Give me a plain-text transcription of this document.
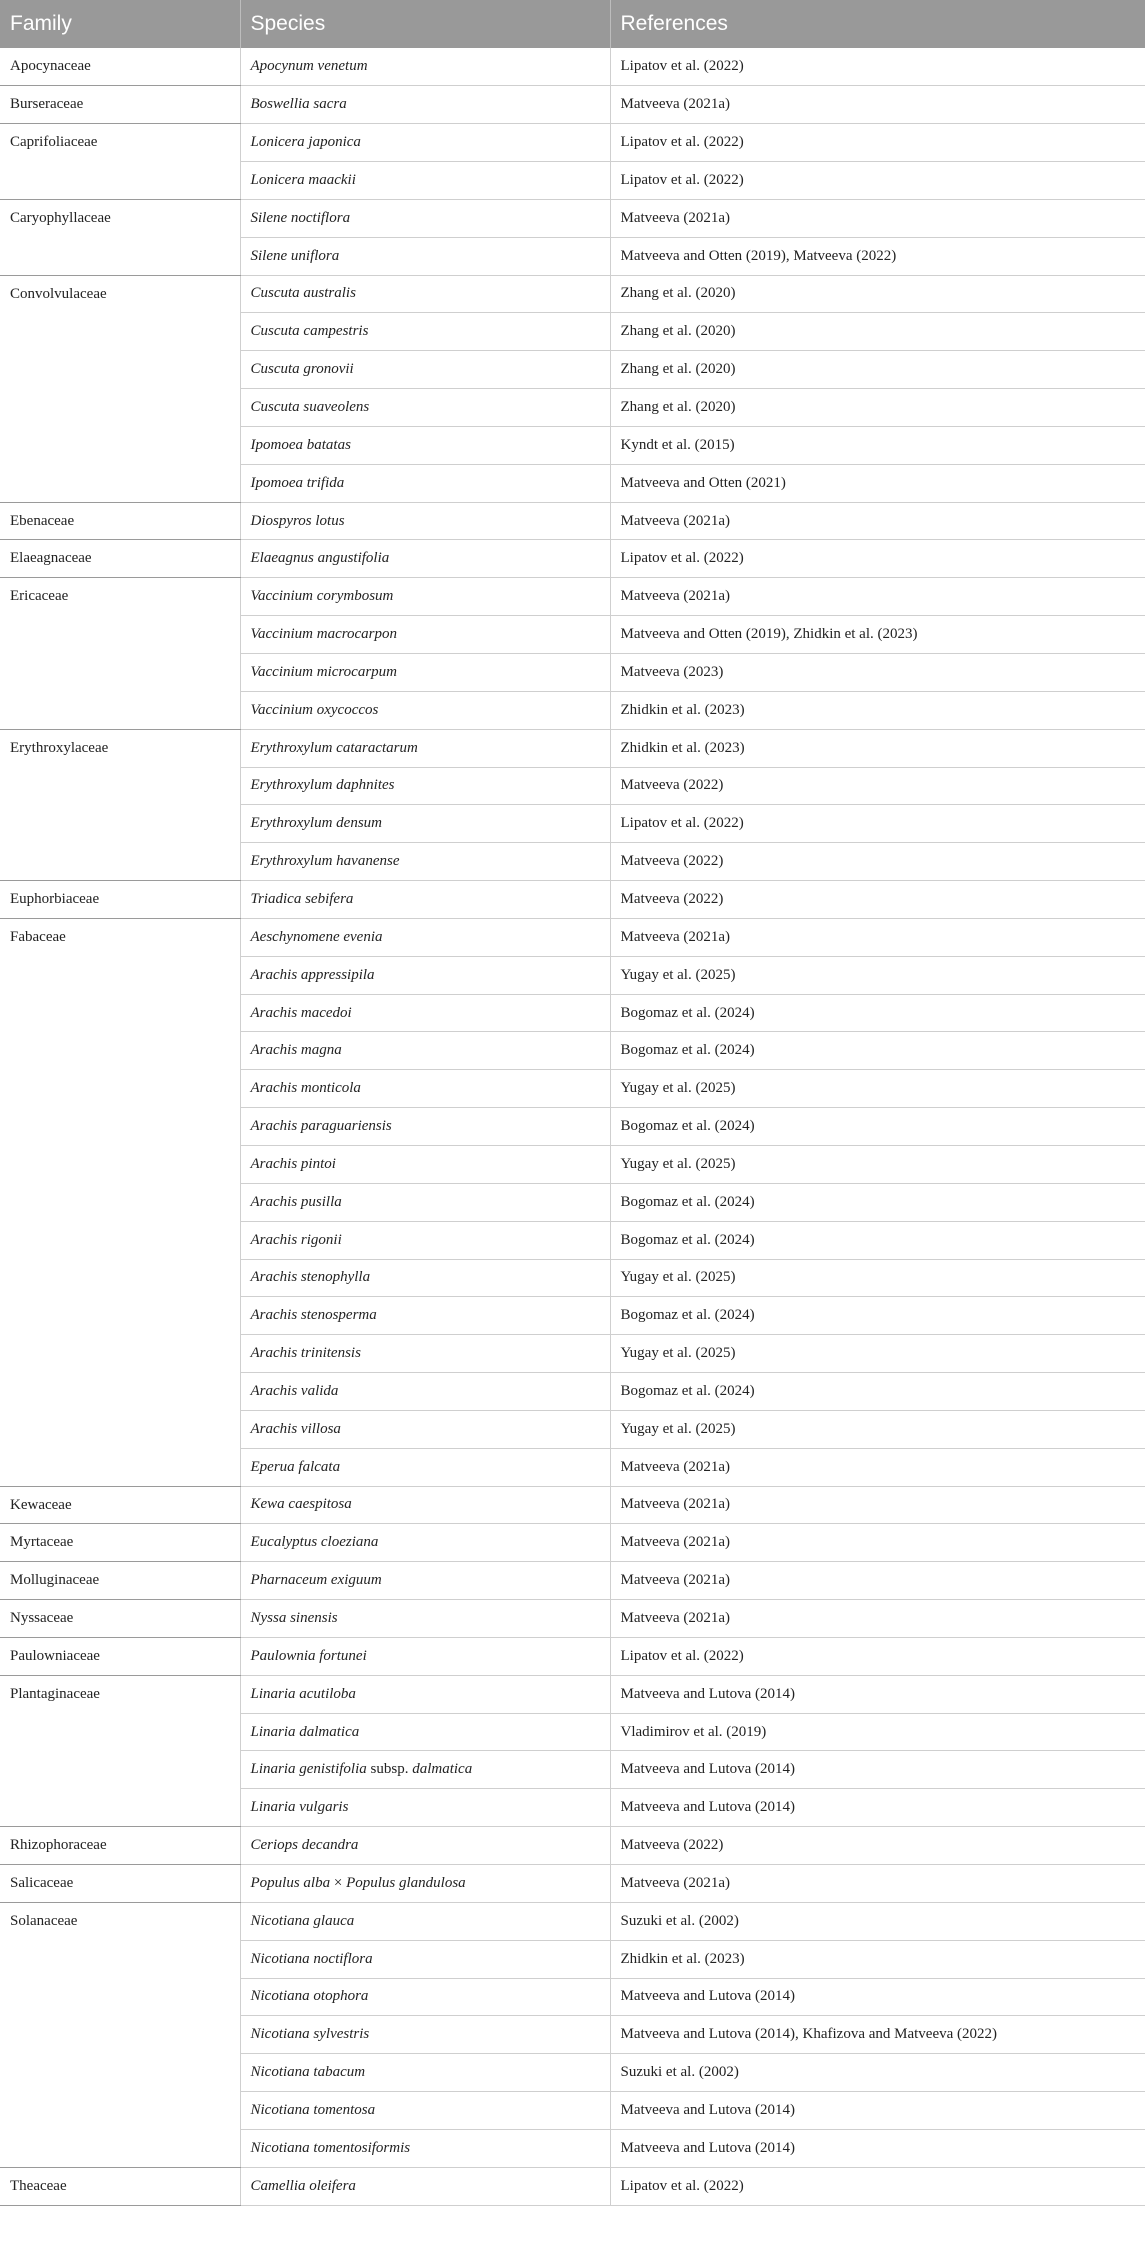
Family	Species	References
Apocynaceae	Apocynum venetum	Lipatov et al. (2022)
Burseraceae	Boswellia sacra	Matveeva (2021a)
Caprifoliaceae	Lonicera japonica	Lipatov et al. (2022)
	Lonicera maackii	Lipatov et al. (2022)
Caryophyllaceae	Silene noctiflora	Matveeva (2021a)
	Silene uniflora	Matveeva and Otten (2019), Matveeva (2022)
Convolvulaceae	Cuscuta australis	Zhang et al. (2020)
	Cuscuta campestris	Zhang et al. (2020)
	Cuscuta gronovii	Zhang et al. (2020)
	Cuscuta suaveolens	Zhang et al. (2020)
	Ipomoea batatas	Kyndt et al. (2015)
	Ipomoea trifida	Matveeva and Otten (2021)
Ebenaceae	Diospyros lotus	Matveeva (2021a)
Elaeagnaceae	Elaeagnus angustifolia	Lipatov et al. (2022)
Ericaceae	Vaccinium corymbosum	Matveeva (2021a)
	Vaccinium macrocarpon	Matveeva and Otten (2019), Zhidkin et al. (2023)
	Vaccinium microcarpum	Matveeva (2023)
	Vaccinium oxycoccos	Zhidkin et al. (2023)
Erythroxylaceae	Erythroxylum cataractarum	Zhidkin et al. (2023)
	Erythroxylum daphnites	Matveeva (2022)
	Erythroxylum densum	Lipatov et al. (2022)
	Erythroxylum havanense	Matveeva (2022)
Euphorbiaceae	Triadica sebifera	Matveeva (2022)
Fabaceae	Aeschynomene evenia	Matveeva (2021a)
	Arachis appressipila	Yugay et al. (2025)
	Arachis macedoi	Bogomaz et al. (2024)
	Arachis magna	Bogomaz et al. (2024)
	Arachis monticola	Yugay et al. (2025)
	Arachis paraguariensis	Bogomaz et al. (2024)
	Arachis pintoi	Yugay et al. (2025)
	Arachis pusilla	Bogomaz et al. (2024)
	Arachis rigonii	Bogomaz et al. (2024)
	Arachis stenophylla	Yugay et al. (2025)
	Arachis stenosperma	Bogomaz et al. (2024)
	Arachis trinitensis	Yugay et al. (2025)
	Arachis valida	Bogomaz et al. (2024)
	Arachis villosa	Yugay et al. (2025)
	Eperua falcata	Matveeva (2021a)
Kewaceae	Kewa caespitosa	Matveeva (2021a)
Myrtaceae	Eucalyptus cloeziana	Matveeva (2021a)
Molluginaceae	Pharnaceum exiguum	Matveeva (2021a)
Nyssaceae	Nyssa sinensis	Matveeva (2021a)
Paulowniaceae	Paulownia fortunei	Lipatov et al. (2022)
Plantaginaceae	Linaria acutiloba	Matveeva and Lutova (2014)
	Linaria dalmatica	Vladimirov et al. (2019)
	Linaria genistifolia subsp. dalmatica	Matveeva and Lutova (2014)
	Linaria vulgaris	Matveeva and Lutova (2014)
Rhizophoraceae	Ceriops decandra	Matveeva (2022)
Salicaceae	Populus alba × Populus glandulosa	Matveeva (2021a)
Solanaceae	Nicotiana glauca	Suzuki et al. (2002)
	Nicotiana noctiflora	Zhidkin et al. (2023)
	Nicotiana otophora	Matveeva and Lutova (2014)
	Nicotiana sylvestris	Matveeva and Lutova (2014), Khafizova and Matveeva (2022)
	Nicotiana tabacum	Suzuki et al. (2002)
	Nicotiana tomentosa	Matveeva and Lutova (2014)
	Nicotiana tomentosiformis	Matveeva and Lutova (2014)
Theaceae	Camellia oleifera	Lipatov et al. (2022)
